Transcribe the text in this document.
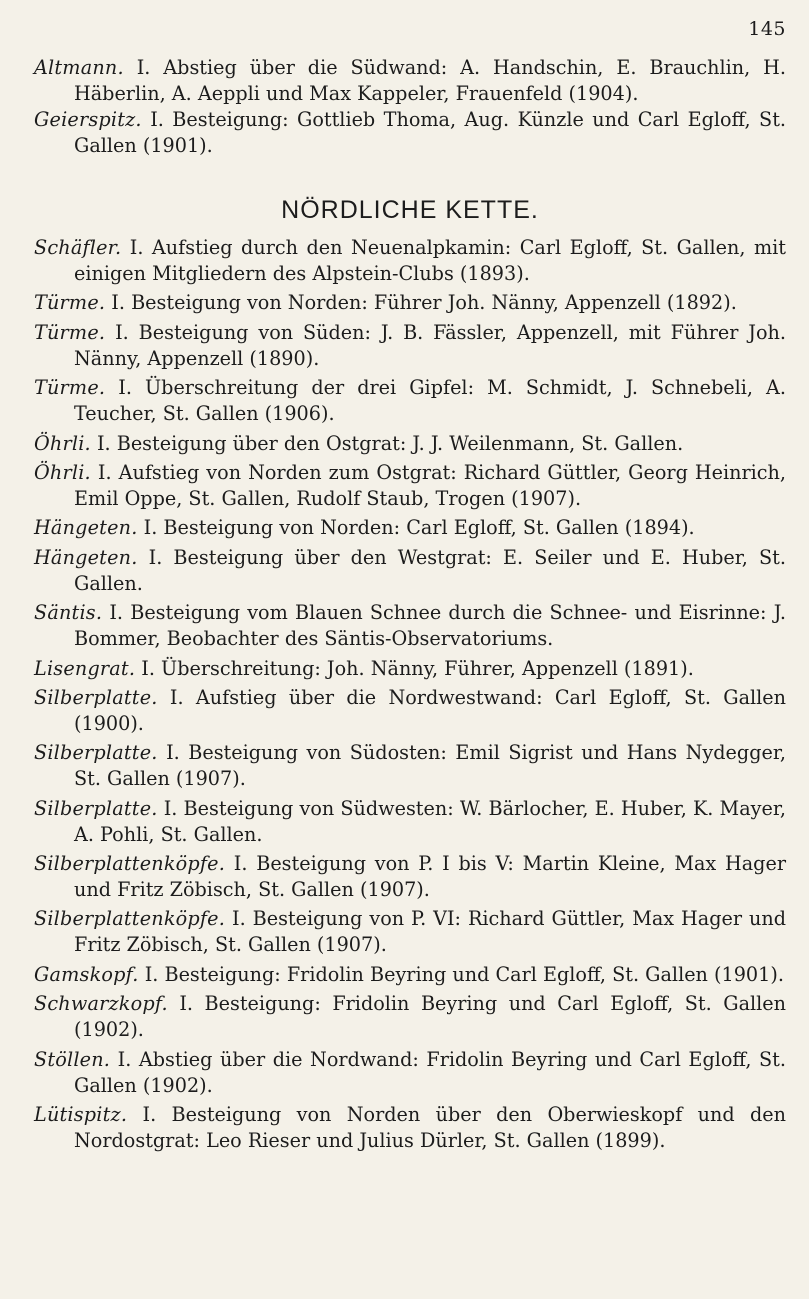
145

Altmann. I. Abstieg über die Südwand: A. Handschin, E. Brauchlin, H. Häberlin, A. Aeppli und Max Kappeler, Frauenfeld (1904).

Geierspitz. I. Besteigung: Gottlieb Thoma, Aug. Künzle und Carl Egloff, St. Gallen (1901).

NÖRDLICHE KETTE.

Schäfler. I. Aufstieg durch den Neuenalpkamin: Carl Egloff, St. Gallen, mit einigen Mitgliedern des Alpstein-Clubs (1893).

Türme. I. Besteigung von Norden: Führer Joh. Nänny, Appenzell (1892).

Türme. I. Besteigung von Süden: J. B. Fässler, Appenzell, mit Führer Joh. Nänny, Appenzell (1890).

Türme. I. Überschreitung der drei Gipfel: M. Schmidt, J. Schnebeli, A. Teucher, St. Gallen (1906).

Öhrli. I. Besteigung über den Ostgrat: J. J. Weilenmann, St. Gallen.

Öhrli. I. Aufstieg von Norden zum Ostgrat: Richard Güttler, Georg Heinrich, Emil Oppe, St. Gallen, Rudolf Staub, Trogen (1907).

Hängeten. I. Besteigung von Norden: Carl Egloff, St. Gallen (1894).

Hängeten. I. Besteigung über den Westgrat: E. Seiler und E. Huber, St. Gallen.

Säntis. I. Besteigung vom Blauen Schnee durch die Schnee- und Eisrinne: J. Bommer, Beobachter des Säntis-Observatoriums.

Lisengrat. I. Überschreitung: Joh. Nänny, Führer, Appenzell (1891).

Silberplatte. I. Aufstieg über die Nordwestwand: Carl Egloff, St. Gallen (1900).

Silberplatte. I. Besteigung von Südosten: Emil Sigrist und Hans Nydegger, St. Gallen (1907).

Silberplatte. I. Besteigung von Südwesten: W. Bärlocher, E. Huber, K. Mayer, A. Pohli, St. Gallen.

Silberplattenköpfe. I. Besteigung von P. I bis V: Martin Kleine, Max Hager und Fritz Zöbisch, St. Gallen (1907).

Silberplattenköpfe. I. Besteigung von P. VI: Richard Güttler, Max Hager und Fritz Zöbisch, St. Gallen (1907).

Gamskopf. I. Besteigung: Fridolin Beyring und Carl Egloff, St. Gallen (1901).

Schwarzkopf. I. Besteigung: Fridolin Beyring und Carl Egloff, St. Gallen (1902).

Stöllen. I. Abstieg über die Nordwand: Fridolin Beyring und Carl Egloff, St. Gallen (1902).

Lütispitz. I. Besteigung von Norden über den Oberwieskopf und den Nordostgrat: Leo Rieser und Julius Dürler, St. Gallen (1899).
